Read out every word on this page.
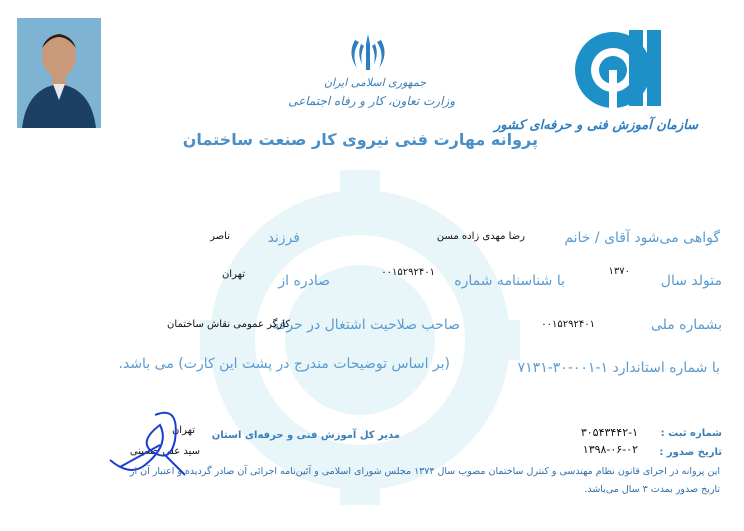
جمهوری اسلامی ایران
وزارت تعاون، کار و رفاه اجتماعی
سازمان آموزش فنی و حرفه‌ای کشور
پروانه مهارت فنی نیروی کار صنعت ساختمان
گواهی می‌شود آقای / خانم
رضا مهدی زاده مسن
فرزند
ناصر
متولد سال
۱۳۷۰
با شناسنامه شماره
۰۰۱۵۲۹۲۴۰۱
صادره از
تهران
بشماره ملی
۰۰۱۵۲۹۲۴۰۱
صاحب صلاحیت اشتغال در حرفه
کارگر عمومی نقاش ساختمان
با شماره استاندارد ۱-۰۰۱-۳۰-۷۱۳۱
(بر اساس توضیحات مندرج در پشت این کارت) می باشد.
شماره ثبت :
۳۰۵۴۳۴۴۲-۱
تاریخ صدور :
۱۳۹۸-۰۶-۰۲
مدیر کل آموزش فنی و حرفه‌ای استان
تهران
سید علی حسینی
این پروانه در اجرای قانون نظام مهندسی و کنترل ساختمان مصوب سال ۱۳۷۴ مجلس شورای اسلامی و آئین‌نامه اجرائی آن صادر گردیده و اعتبار آن از
تاریخ صدور بمدت ۳ سال می‌باشد.
